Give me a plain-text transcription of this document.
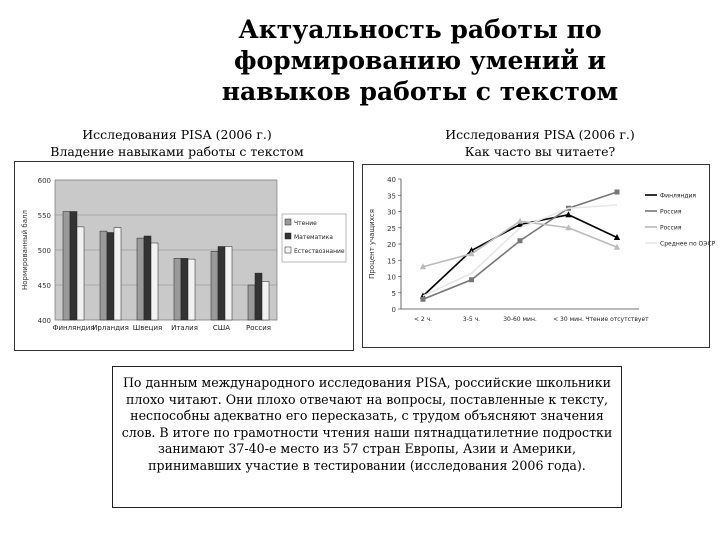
Актуальность работы по
формированию умений и
навыков работы с текстом
Исследования PISA (2006 г.)
Владение навыками работы с текстом
Исследования PISA (2006 г.)
Как часто вы читаете?
400
450
500
550
600
Нормированный балл
Финляндия
Ирландия Швеция Италия США Россия
Чтение
Математика
Естествознание
0
5
10
15
20
25
30
35
40
Процент учащихся
< 2 ч.	3-5 ч.	30-60 мин.	< 30 мин. Чтение отсутствует
Финляндия
Россия
Россия
Среднее по ОЭСР
По данным международного исследования PISA, российские школьники плохо читают. Они плохо отвечают на вопросы, поставленные к тексту, неспособны адекватно его пересказать, с трудом объясняют значения слов. В итоге по грамотности чтения наши пятнадцатилетние подростки занимают 37-40-е место из 57 стран Европы, Азии и Америки, принимавших участие в тестировании (исследования 2006 года).
